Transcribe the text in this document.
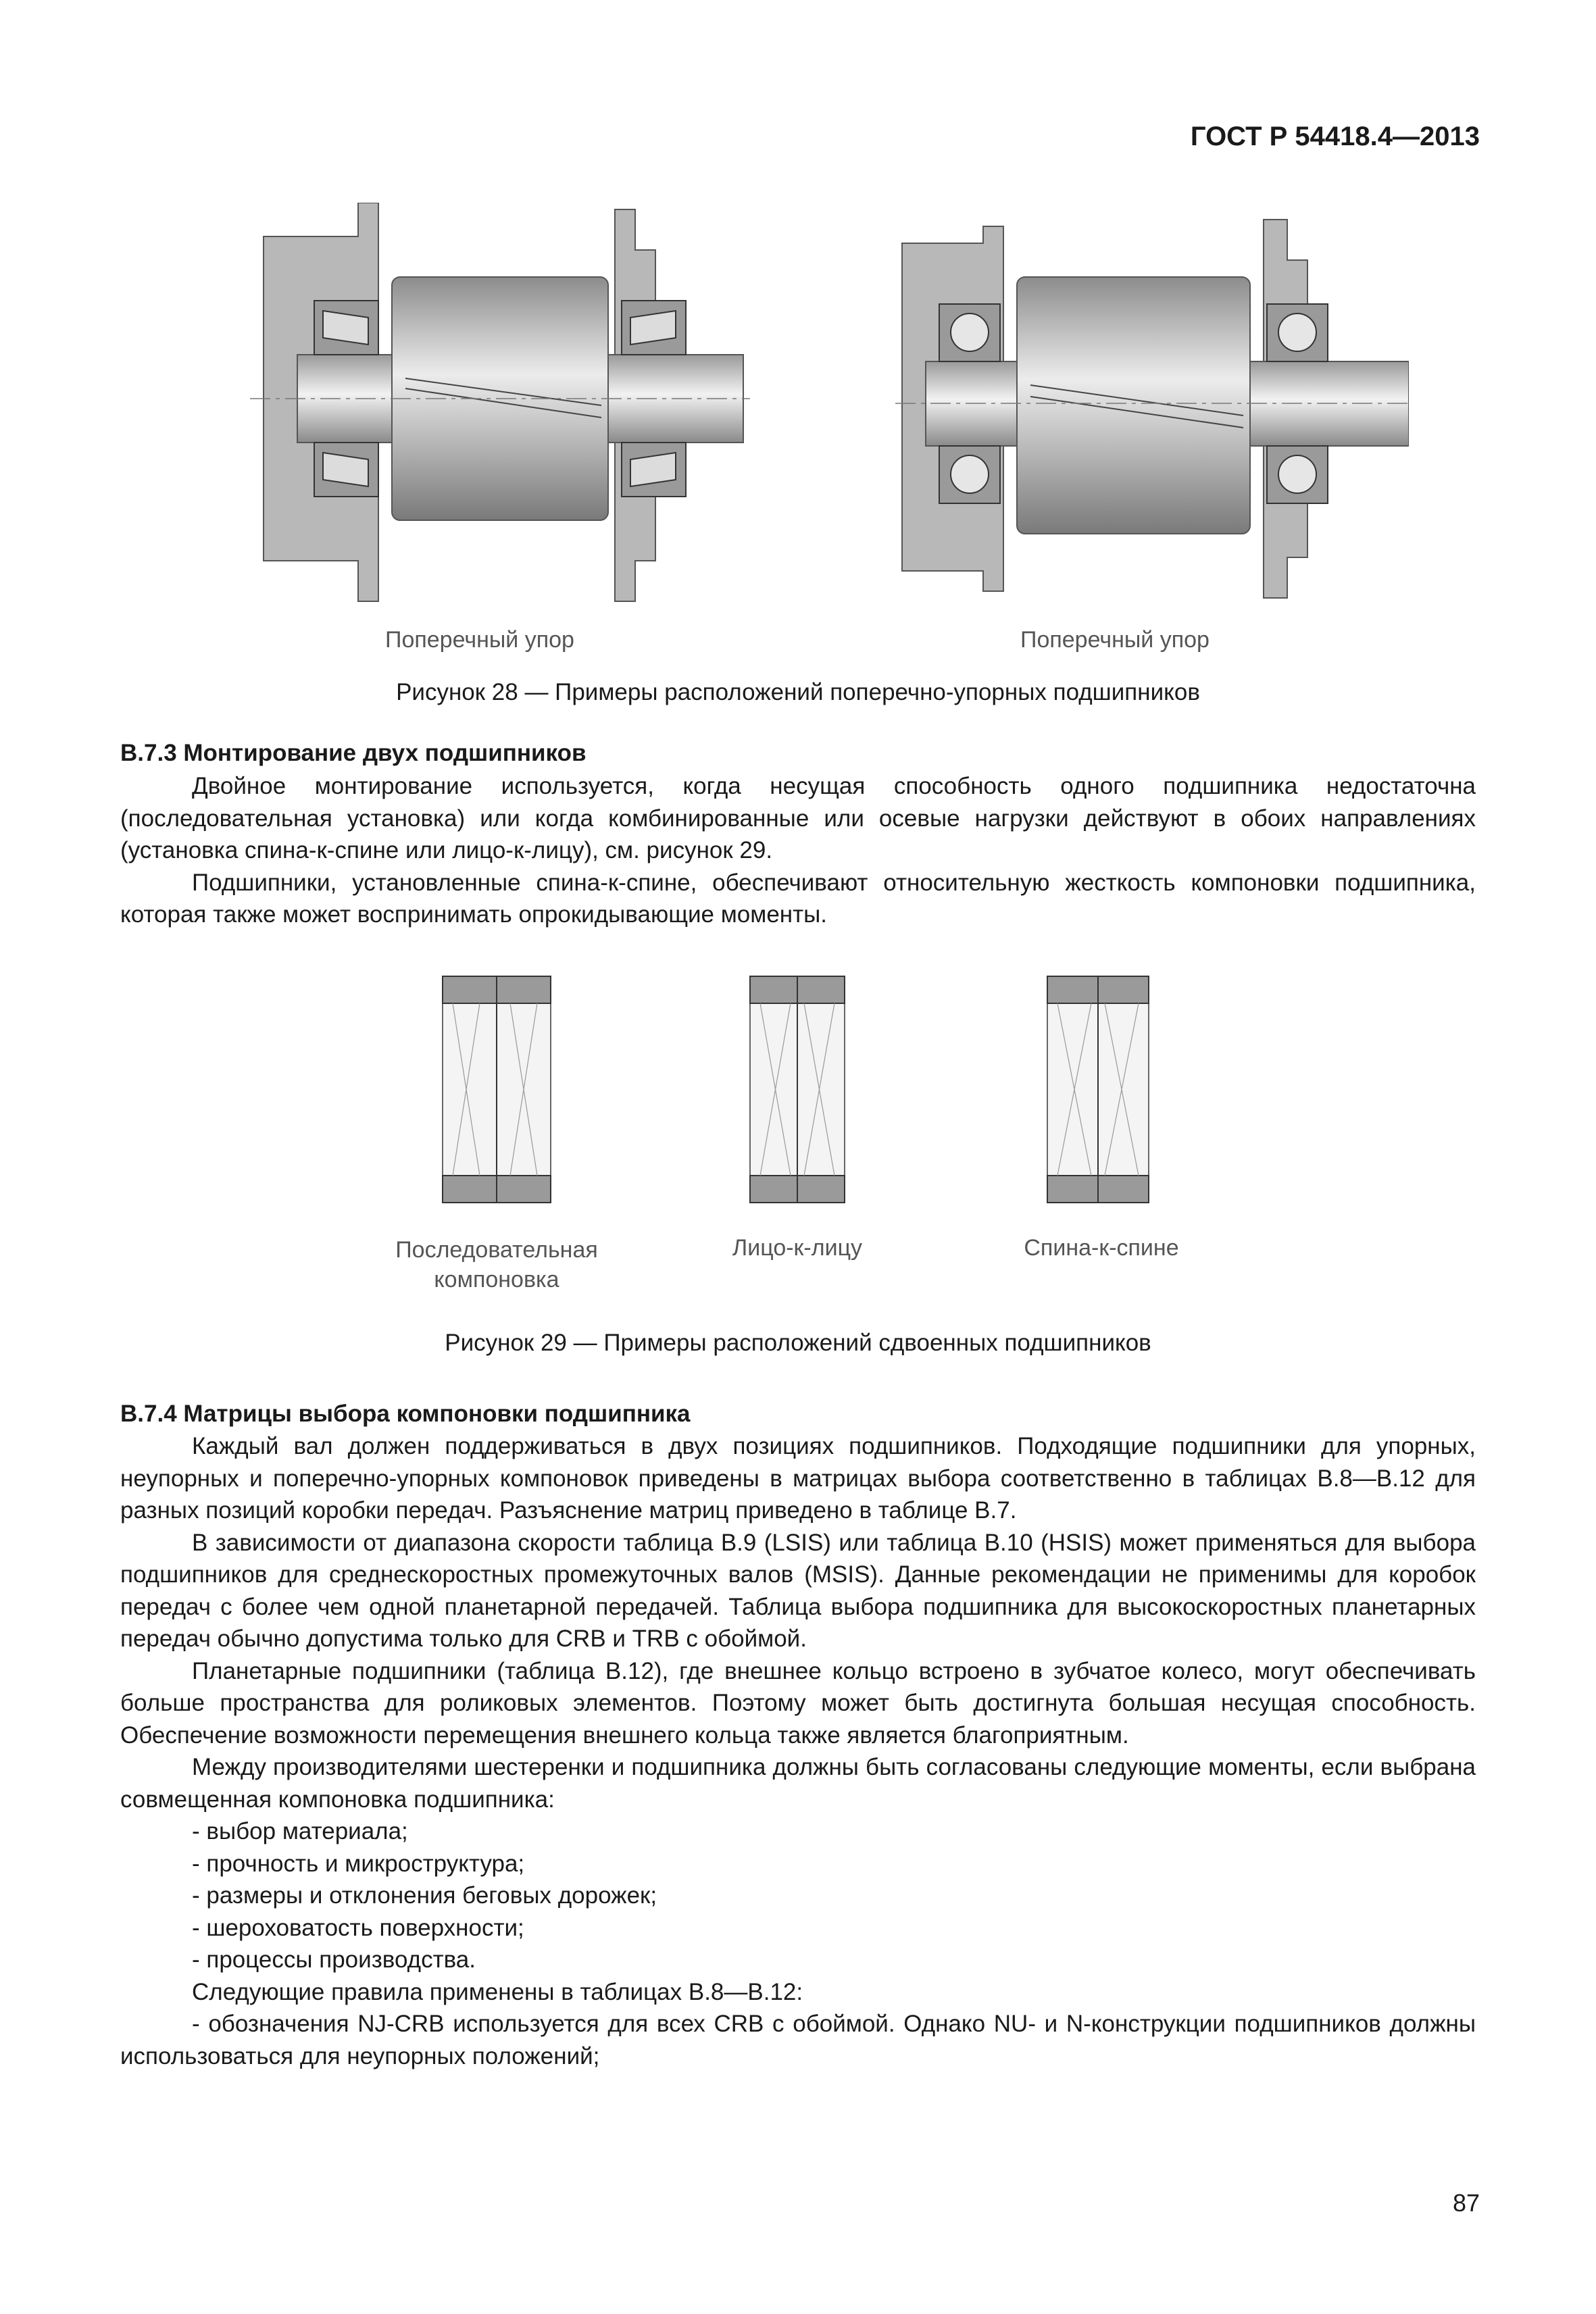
ГОСТ Р 54418.4—2013
Поперечный упор	Поперечный упор
Рисунок 28 — Примеры расположений поперечно-упорных подшипников
B.7.3 Монтирование двух подшипников

Двойное монтирование используется, когда несущая способность одного подшипника недостаточна (последовательная установка) или когда комбинированные или осевые нагрузки действуют в обоих направлениях (установка спина-к-спине или лицо-к-лицу), см. рисунок 29.

Подшипники, установленные спина-к-спине, обеспечивают относительную жесткость компоновки подшипника, которая также может воспринимать опрокидывающие моменты.

Последовательная
компоновка
Лицо-к-лицу	Спина-к-спине
Рисунок 29 — Примеры расположений сдвоенных подшипников
B.7.4 Матрицы выбора компоновки подшипника

Каждый вал должен поддерживаться в двух позициях подшипников. Подходящие подшипники для упорных, неупорных и поперечно-упорных компоновок приведены в матрицах выбора соответственно в таблицах B.8—B.12 для разных позиций коробки передач. Разъяснение матриц приведено в таблице B.7.

В зависимости от диапазона скорости таблица B.9 (LSIS) или таблица B.10 (HSIS) может применяться для выбора подшипников для среднескоростных промежуточных валов (MSIS). Данные рекомендации не применимы для коробок передач с более чем одной планетарной передачей. Таблица выбора подшипника для высокоскоростных планетарных передач обычно допустима только для CRB и TRB с обоймой.

Планетарные подшипники (таблица B.12), где внешнее кольцо встроено в зубчатое колесо, могут обеспечивать больше пространства для роликовых элементов. Поэтому может быть достигнута большая несущая способность. Обеспечение возможности перемещения внешнего кольца также является благоприятным.

Между производителями шестеренки и подшипника должны быть согласованы следующие моменты, если выбрана совмещенная компоновка подшипника:

- выбор материала;

- прочность и микроструктура;

- размеры и отклонения беговых дорожек;

- шероховатость поверхности;

- процессы производства.

Следующие правила применены в таблицах B.8—B.12:

- обозначения NJ-CRB используется для всех CRB с обоймой. Однако NU- и N-конструкции подшипников должны использоваться для неупорных положений;

87
